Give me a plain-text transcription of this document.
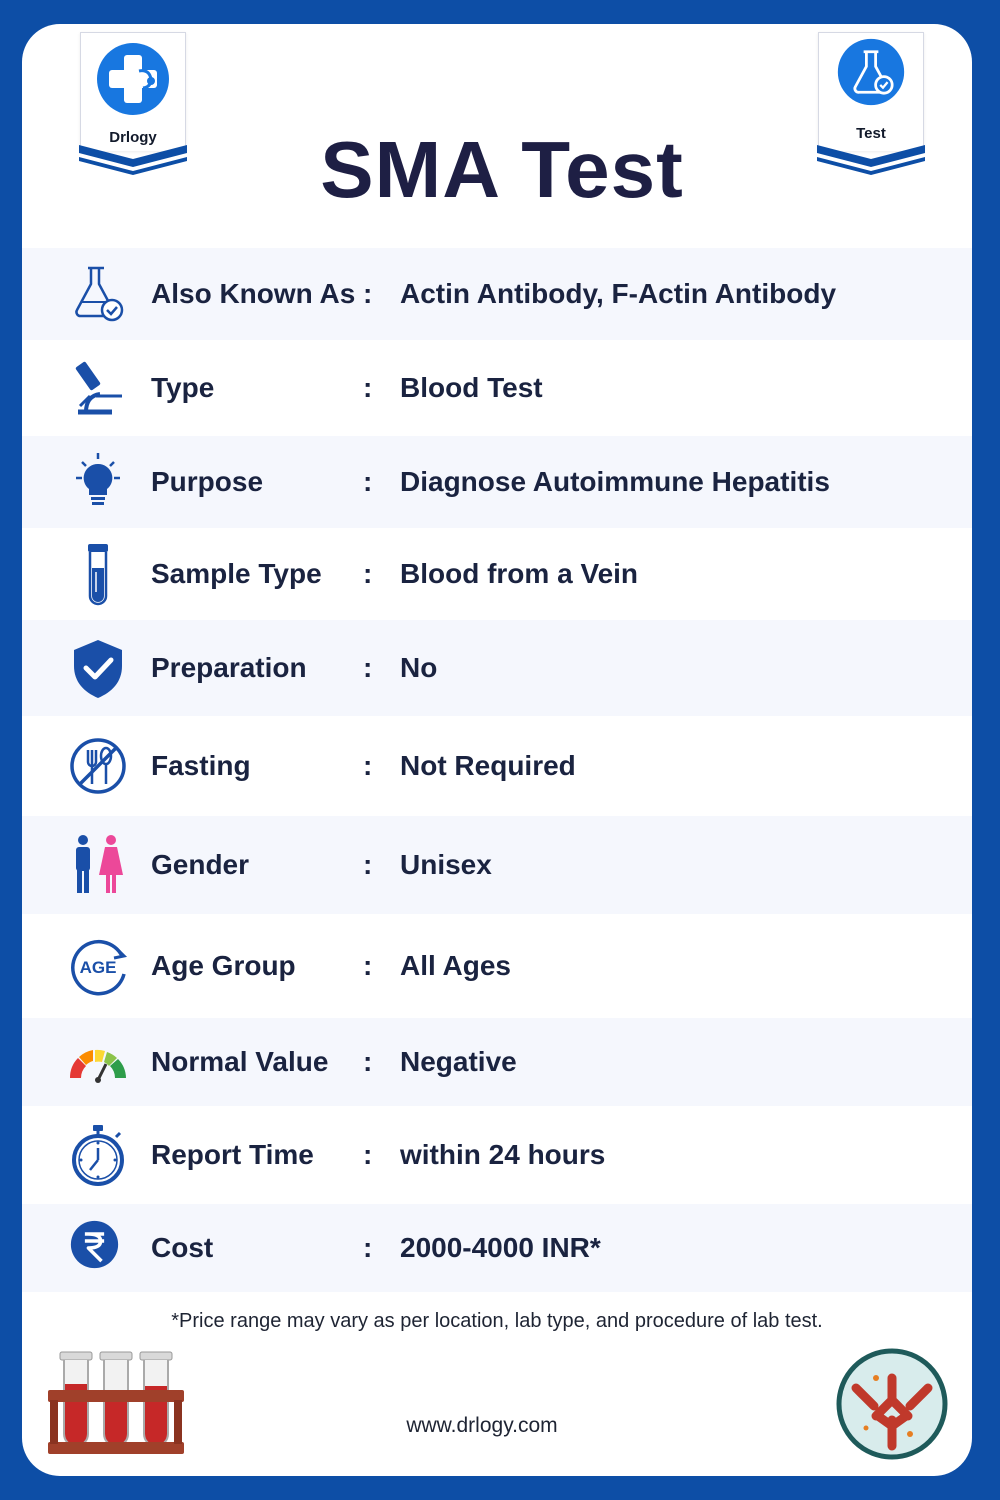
Drlogy	Test
SMA Test
Also Known As : Actin Antibody, F-Actin Antibody
Type	: Blood Test
Purpose	: Diagnose Autoimmune Hepatitis
Sample Type : Blood from a Vein
Preparation : No
Fasting	: Not Required
Gender	: Unisex
AGE Age Group : All Ages
Normal Value : Negative
Report Time : within 24 hours
Cost	: 2000-4000 INR*
*Price range may vary as per location, lab type, and procedure of lab test.
www.drlogy.com
